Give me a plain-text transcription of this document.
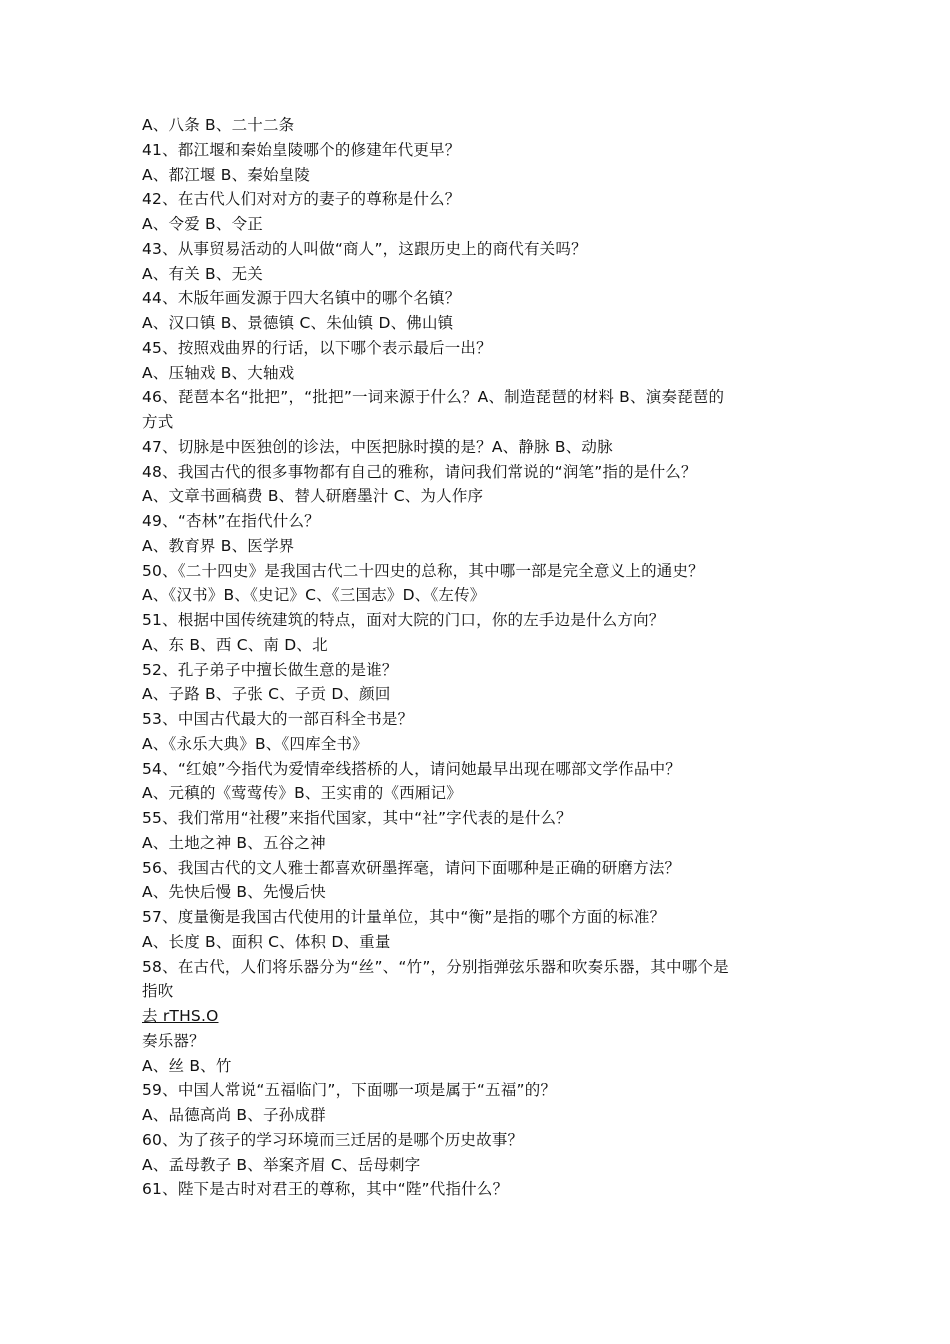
A、八条 B、二十二条
41、都江堰和秦始皇陵哪个的修建年代更早？
A、都江堰 B、秦始皇陵
42、在古代人们对对方的妻子的尊称是什么？
A、令爱 B、令正
43、从事贸易活动的人叫做“商人”，这跟历史上的商代有关吗？
A、有关 B、无关
44、木版年画发源于四大名镇中的哪个名镇？
A、汉口镇 B、景德镇 C、朱仙镇 D、佛山镇
45、按照戏曲界的行话，以下哪个表示最后一出？
A、压轴戏 B、大轴戏
46、琵琶本名“批把”，“批把”一词来源于什么？A、制造琵琶的材料 B、演奏琵琶的
方式
47、切脉是中医独创的诊法，中医把脉时摸的是？A、静脉 B、动脉
48、我国古代的很多事物都有自己的雅称，请问我们常说的“润笔”指的是什么？
A、文章书画稿费 B、替人研磨墨汁 C、为人作序
49、“杏林”在指代什么？
A、教育界 B、医学界
50、《二十四史》是我国古代二十四史的总称，其中哪一部是完全意义上的通史？
A、《汉书》B、《史记》C、《三国志》D、《左传》
51、根据中国传统建筑的特点，面对大院的门口，你的左手边是什么方向？
A、东 B、西 C、南 D、北
52、孔子弟子中擅长做生意的是谁？
A、子路 B、子张 C、子贡 D、颜回
53、中国古代最大的一部百科全书是？
A、《永乐大典》B、《四库全书》
54、“红娘”今指代为爱情牵线搭桥的人，请问她最早出现在哪部文学作品中？
A、元稹的《莺莺传》B、王实甫的《西厢记》
55、我们常用“社稷”来指代国家，其中“社”字代表的是什么？
A、土地之神 B、五谷之神
56、我国古代的文人雅士都喜欢研墨挥毫，请问下面哪种是正确的研磨方法？
A、先快后慢 B、先慢后快
57、度量衡是我国古代使用的计量单位，其中“衡”是指的哪个方面的标准？
A、长度 B、面积 C、体积 D、重量
58、在古代，人们将乐器分为“丝”、“竹”，分别指弹弦乐器和吹奏乐器，其中哪个是
指吹
去 rTHS.O
奏乐器？
A、丝 B、竹
59、中国人常说“五福临门”，下面哪一项是属于“五福”的？
A、品德高尚 B、子孙成群
60、为了孩子的学习环境而三迁居的是哪个历史故事？
A、孟母教子 B、举案齐眉 C、岳母刺字
61、陛下是古时对君王的尊称，其中“陛”代指什么？
